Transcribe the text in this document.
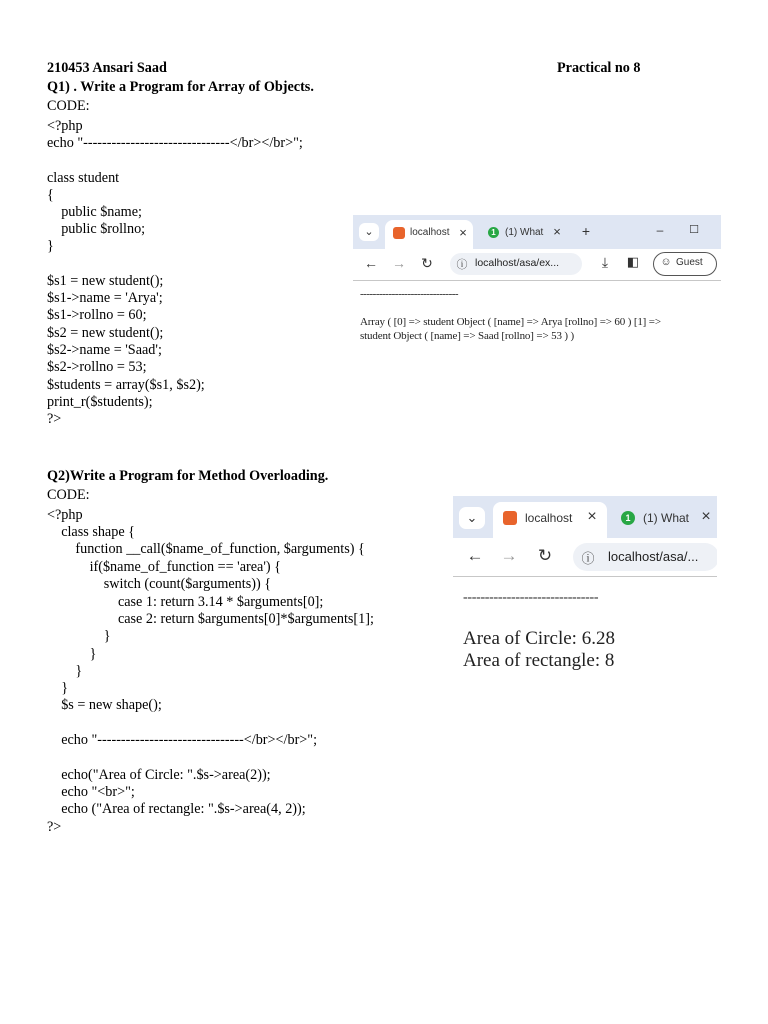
210453 Ansari Saad	Practical no 8
Q1) . Write a Program for Array of Objects.
CODE:
<?php
echo "-------------------------------</br></br>";
class student
{
public $name;
public $rollno;
}
$s1 = new student();
$s1->name = 'Arya';
$s1->rollno = 60;
$s2 = new student();
$s2->name = 'Saad';
$s2->rollno = 53;
$students = array($s1, $s2);
print_r($students);
?>
⌄	localhost ×	1 (1) What × +	–	☐
← → ↻ ⓘ localhost/asa/ex...	⤓	◧ ☺ Guest
-------------------------------
Array ( [0] => student Object ( [name] => Arya [rollno] => 60 ) [1] =>
student Object ( [name] => Saad [rollno] => 53 ) )
Q2)Write a Program for Method Overloading.
CODE:
<?php
class shape {
function __call($name_of_function, $arguments) {
if($name_of_function == 'area') {
switch (count($arguments)) {
case 1: return 3.14 * $arguments[0];
case 2: return $arguments[0]*$arguments[1];
}
}
}
}
$s = new shape();
echo "-------------------------------</br></br>";
echo("Area of Circle: ".$s->area(2));
echo "<br>";
echo ("Area of rectangle: ".$s->area(4, 2));
?>
⌄	localhost ×	1	(1) What ×
← → ↻ ⓘ localhost/asa/...
-------------------------------
Area of Circle: 6.28
Area of rectangle: 8
